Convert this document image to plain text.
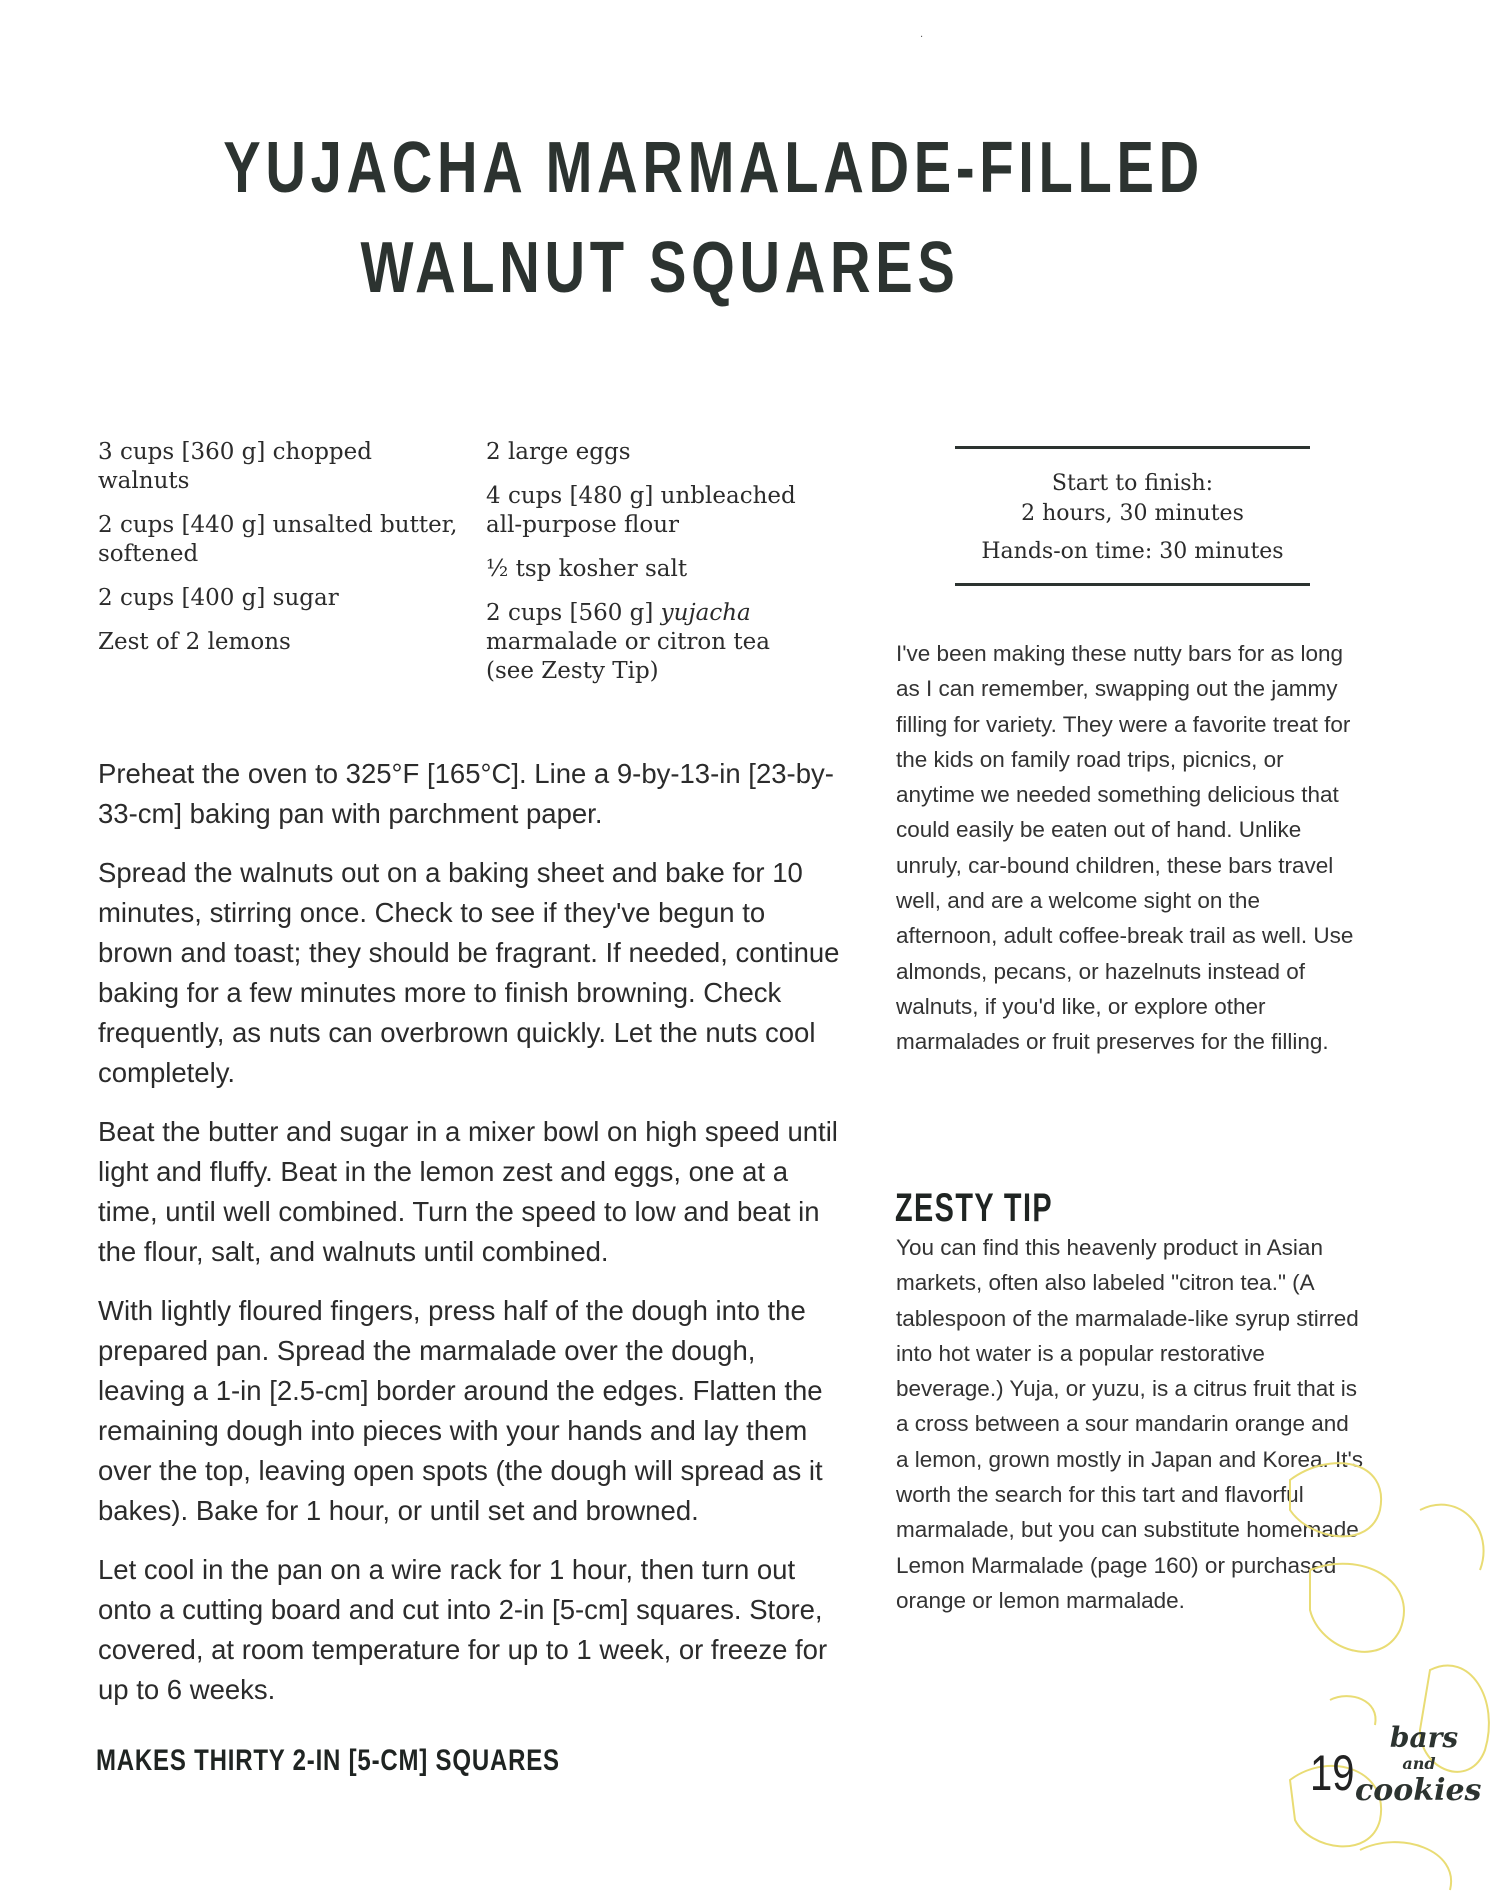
·
YUJACHA MARMALADE-FILLED
WALNUT SQUARES

3 cups [360 g] chopped walnuts

2 cups [440 g] unsalted butter, softened

2 cups [400 g] sugar

Zest of 2 lemons

2 large eggs

4 cups [480 g] unbleached all-purpose flour

½ tsp kosher salt

2 cups [560 g] yujacha marmalade or citron tea (see Zesty Tip)

Start to finish:
2 hours, 30 minutes
Hands-on time: 30 minutes

Preheat the oven to 325°F [165°C]. Line a 9-by-13-in [23-by-33-cm] baking pan with parchment paper.

Spread the walnuts out on a baking sheet and bake for 10 minutes, stirring once. Check to see if they've begun to brown and toast; they should be fragrant. If needed, continue baking for a few minutes more to finish browning. Check frequently, as nuts can overbrown quickly. Let the nuts cool completely.

Beat the butter and sugar in a mixer bowl on high speed until light and fluffy. Beat in the lemon zest and eggs, one at a time, until well combined. Turn the speed to low and beat in the flour, salt, and walnuts until combined.

With lightly floured fingers, press half of the dough into the prepared pan. Spread the marmalade over the dough, leaving a 1-in [2.5-cm] border around the edges. Flatten the remaining dough into pieces with your hands and lay them over the top, leaving open spots (the dough will spread as it bakes). Bake for 1 hour, or until set and browned.

Let cool in the pan on a wire rack for 1 hour, then turn out onto a cutting board and cut into 2-in [5-cm] squares. Store, covered, at room temperature for up to 1 week, or freeze for up to 6 weeks.

MAKES THIRTY 2-IN [5-CM] SQUARES

I've been making these nutty bars for as long as I can remember, swapping out the jammy filling for variety. They were a favorite treat for the kids on family road trips, picnics, or anytime we needed something delicious that could easily be eaten out of hand. Unlike unruly, car-bound children, these bars travel well, and are a welcome sight on the afternoon, adult coffee-break trail as well. Use almonds, pecans, or hazelnuts instead of walnuts, if you'd like, or explore other marmalades or fruit preserves for the filling.

ZESTY TIP

You can find this heavenly product in Asian markets, often also labeled "citron tea." (A tablespoon of the marmalade-like syrup stirred into hot water is a popular restorative beverage.) Yuja, or yuzu, is a citrus fruit that is a cross between a sour mandarin orange and a lemon, grown mostly in Japan and Korea. It's worth the search for this tart and flavorful marmalade, but you can substitute homemade Lemon Marmalade (page 160) or purchased orange or lemon marmalade.

19
bars
and
cookies
